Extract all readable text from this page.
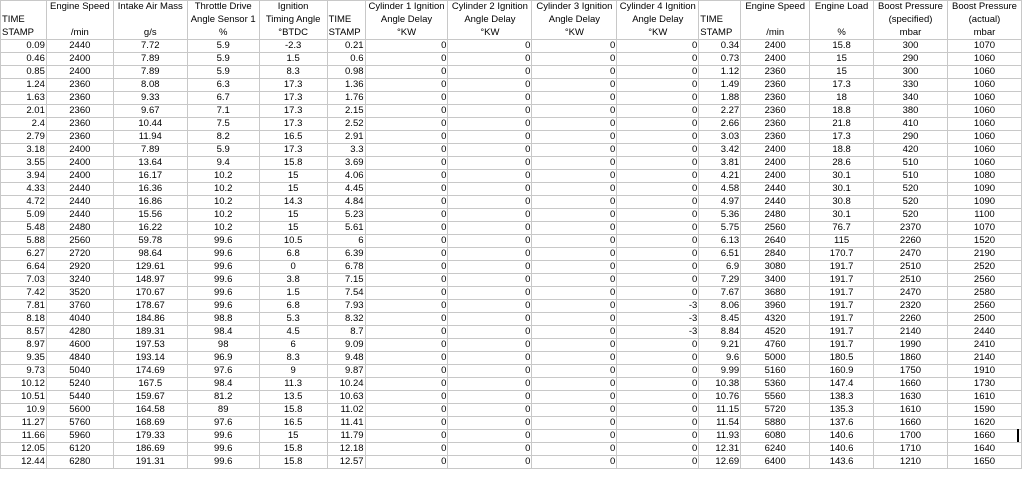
	Engine Speed	Intake Air Mass	Throttle Drive	Ignition		Cylinder 1 Ignition	Cylinder 2 Ignition	Cylinder 3 Ignition	Cylinder 4 Ignition		Engine Speed	Engine Load	Boost Pressure	Boost Pressure
TIME			Angle Sensor 1	Timing Angle	TIME	Angle Delay	Angle Delay	Angle Delay	Angle Delay	TIME			(specified)	(actual)
STAMP	/min	g/s	%	°BTDC	STAMP	°KW	°KW	°KW	°KW	STAMP	/min	%	mbar	mbar
0.09	2440	7.72	5.9	-2.3	0.21	0	0	0	0	0.34	2400	15.8	300	1070
0.46	2400	7.89	5.9	1.5	0.6	0	0	0	0	0.73	2400	15	290	1060
0.85	2400	7.89	5.9	8.3	0.98	0	0	0	0	1.12	2360	15	300	1060
1.24	2360	8.08	6.3	17.3	1.36	0	0	0	0	1.49	2360	17.3	330	1060
1.63	2360	9.33	6.7	17.3	1.76	0	0	0	0	1.88	2360	18	340	1060
2.01	2360	9.67	7.1	17.3	2.15	0	0	0	0	2.27	2360	18.8	380	1060
2.4	2360	10.44	7.5	17.3	2.52	0	0	0	0	2.66	2360	21.8	410	1060
2.79	2360	11.94	8.2	16.5	2.91	0	0	0	0	3.03	2360	17.3	290	1060
3.18	2400	7.89	5.9	17.3	3.3	0	0	0	0	3.42	2400	18.8	420	1060
3.55	2400	13.64	9.4	15.8	3.69	0	0	0	0	3.81	2400	28.6	510	1060
3.94	2400	16.17	10.2	15	4.06	0	0	0	0	4.21	2400	30.1	510	1080
4.33	2440	16.36	10.2	15	4.45	0	0	0	0	4.58	2440	30.1	520	1090
4.72	2440	16.86	10.2	14.3	4.84	0	0	0	0	4.97	2440	30.8	520	1090
5.09	2440	15.56	10.2	15	5.23	0	0	0	0	5.36	2480	30.1	520	1100
5.48	2480	16.22	10.2	15	5.61	0	0	0	0	5.75	2560	76.7	2370	1070
5.88	2560	59.78	99.6	10.5	6	0	0	0	0	6.13	2640	115	2260	1520
6.27	2720	98.64	99.6	6.8	6.39	0	0	0	0	6.51	2840	170.7	2470	2190
6.64	2920	129.61	99.6	0	6.78	0	0	0	0	6.9	3080	191.7	2510	2520
7.03	3240	148.97	99.6	3.8	7.15	0	0	0	0	7.29	3400	191.7	2510	2560
7.42	3520	170.67	99.6	1.5	7.54	0	0	0	0	7.67	3680	191.7	2470	2580
7.81	3760	178.67	99.6	6.8	7.93	0	0	0	-3	8.06	3960	191.7	2320	2560
8.18	4040	184.86	98.8	5.3	8.32	0	0	0	-3	8.45	4320	191.7	2260	2500
8.57	4280	189.31	98.4	4.5	8.7	0	0	0	-3	8.84	4520	191.7	2140	2440
8.97	4600	197.53	98	6	9.09	0	0	0	0	9.21	4760	191.7	1990	2410
9.35	4840	193.14	96.9	8.3	9.48	0	0	0	0	9.6	5000	180.5	1860	2140
9.73	5040	174.69	97.6	9	9.87	0	0	0	0	9.99	5160	160.9	1750	1910
10.12	5240	167.5	98.4	11.3	10.24	0	0	0	0	10.38	5360	147.4	1660	1730
10.51	5440	159.67	81.2	13.5	10.63	0	0	0	0	10.76	5560	138.3	1630	1610
10.9	5600	164.58	89	15.8	11.02	0	0	0	0	11.15	5720	135.3	1610	1590
11.27	5760	168.69	97.6	16.5	11.41	0	0	0	0	11.54	5880	137.6	1660	1620
11.66	5960	179.33	99.6	15	11.79	0	0	0	0	11.93	6080	140.6	1700	1660
12.05	6120	186.69	99.6	15.8	12.18	0	0	0	0	12.31	6240	140.6	1710	1640
12.44	6280	191.31	99.6	15.8	12.57	0	0	0	0	12.69	6400	143.6	1210	1650
